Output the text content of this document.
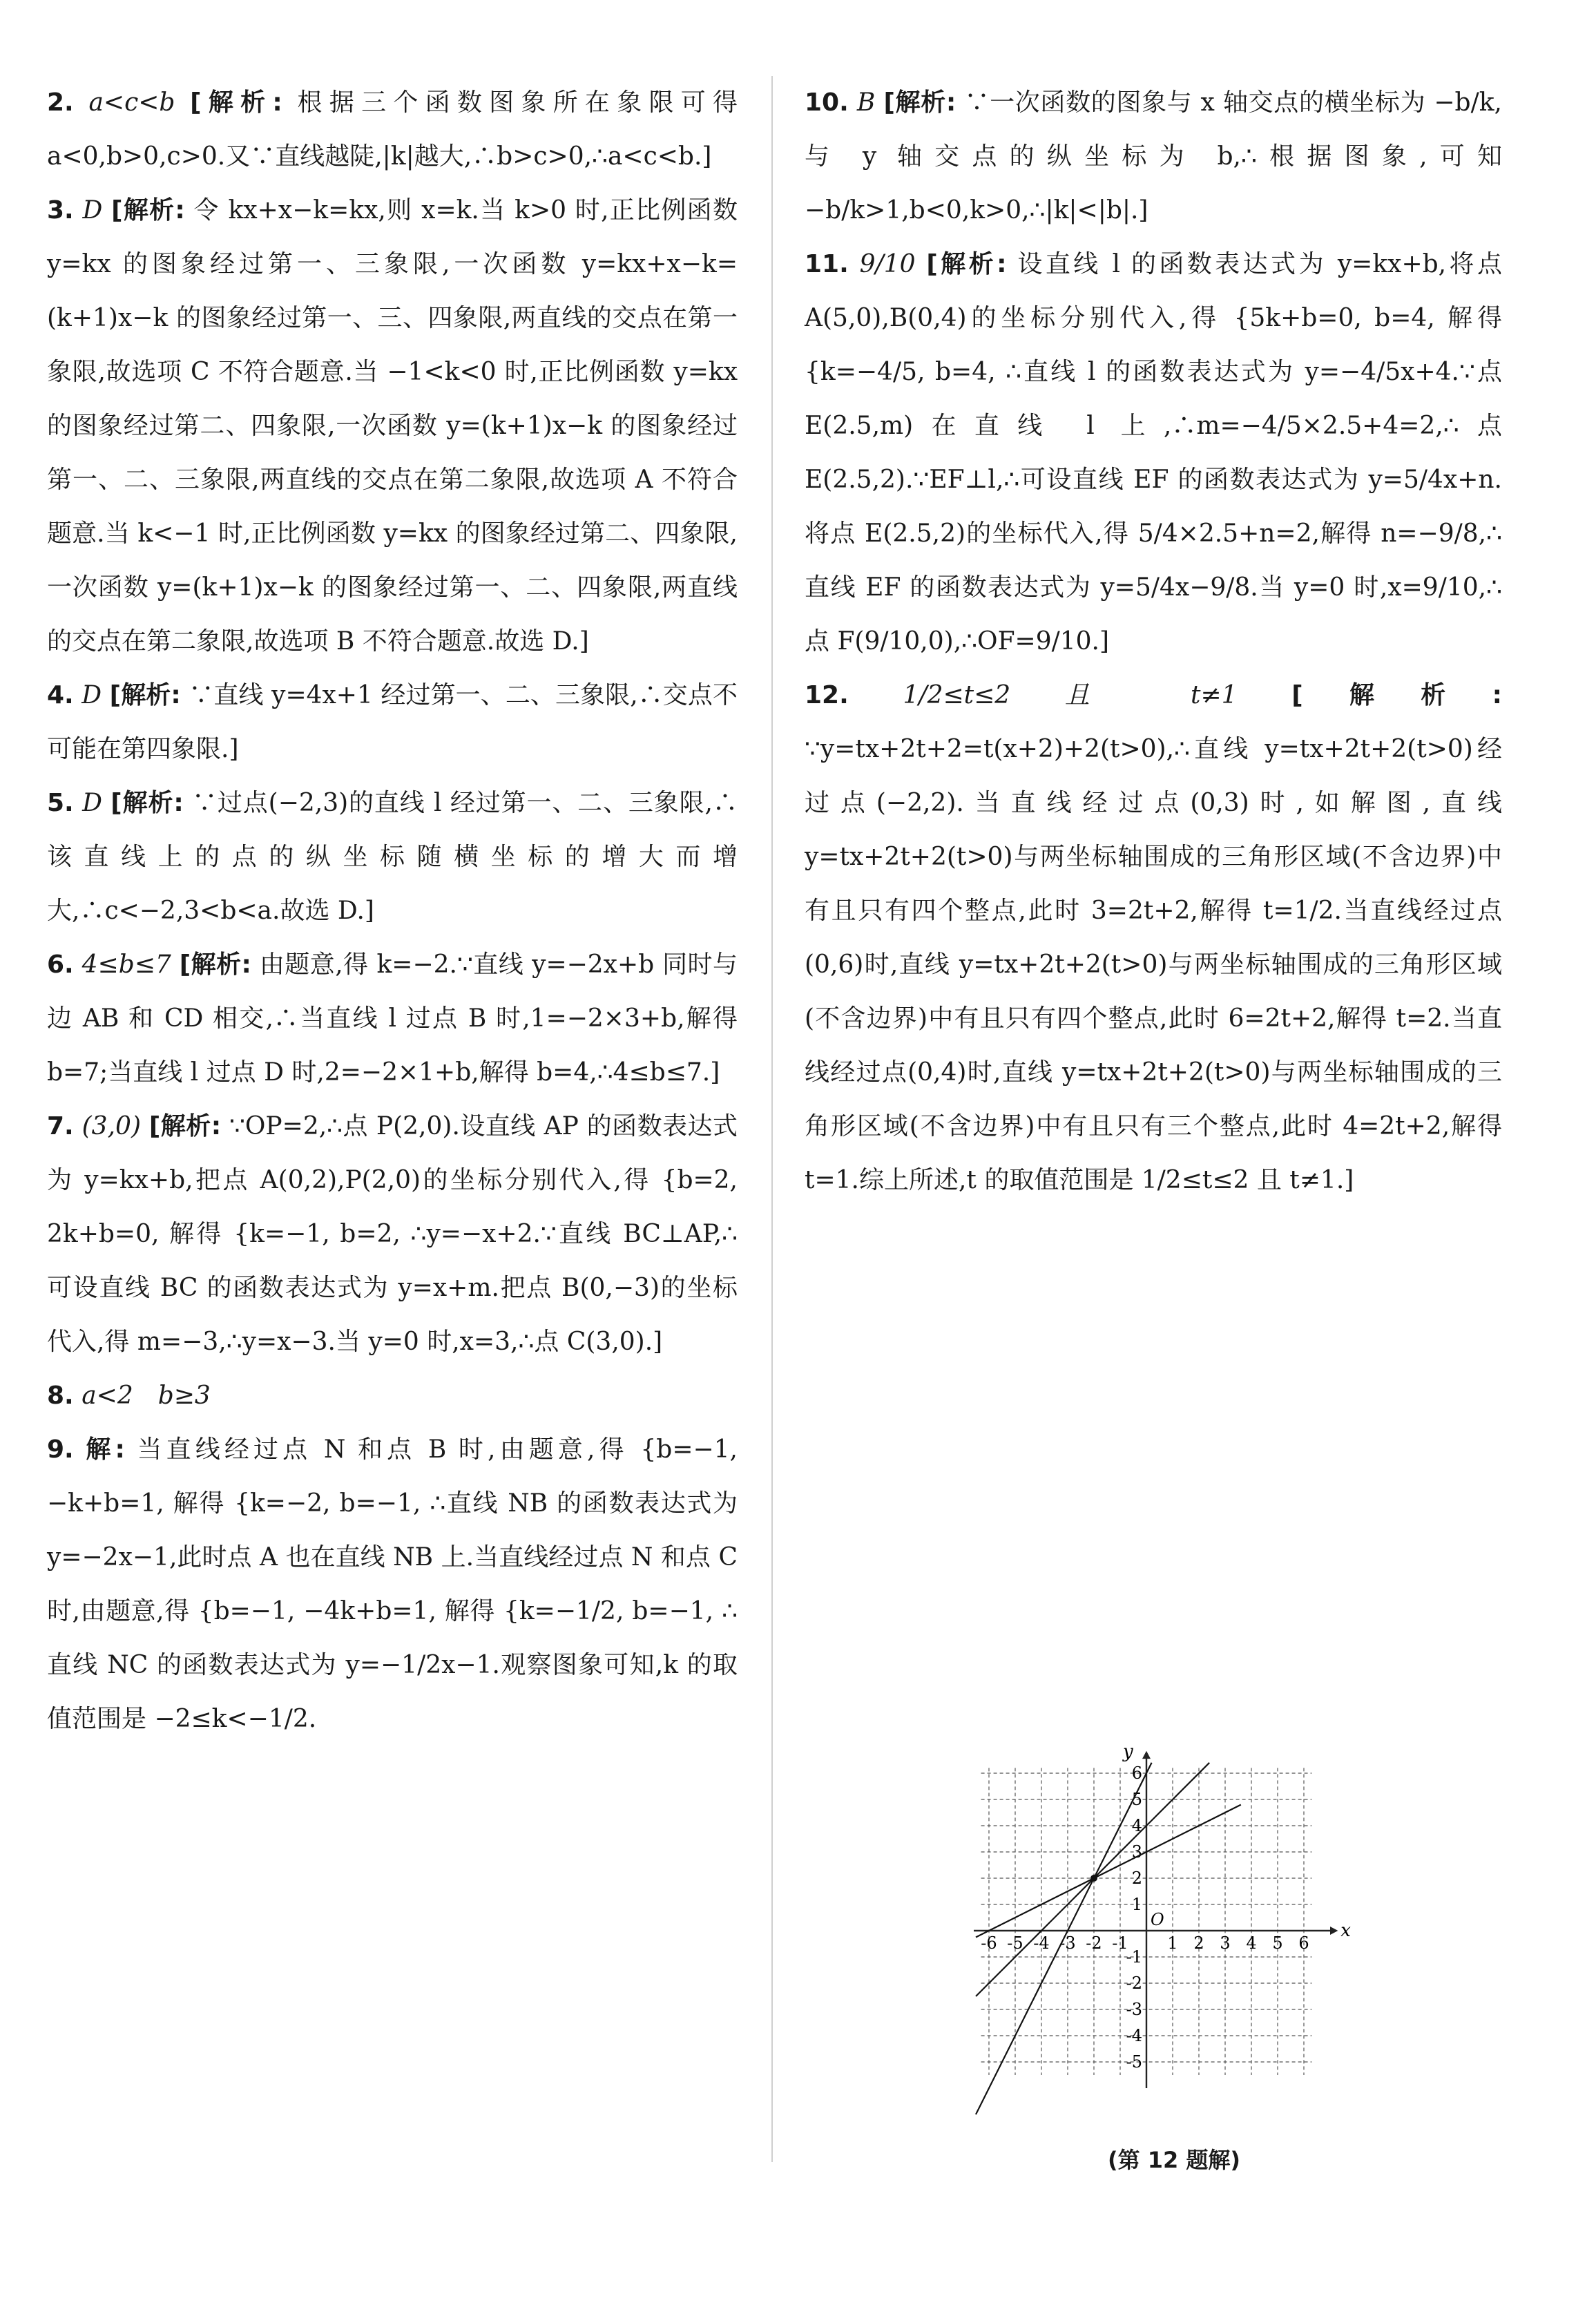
2. a<c<b [解析: 根据三个函数图象所在象限可得 a<0,b>0,c>0.又∵直线越陡,|k|越大,∴b>c>0,∴a<c<b.]

3. D [解析: 令 kx+x−k=kx,则 x=k.当 k>0 时,正比例函数 y=kx 的图象经过第一、三象限,一次函数 y=kx+x−k=(k+1)x−k 的图象经过第一、三、四象限,两直线的交点在第一象限,故选项 C 不符合题意.当 −1<k<0 时,正比例函数 y=kx 的图象经过第二、四象限,一次函数 y=(k+1)x−k 的图象经过第一、二、三象限,两直线的交点在第二象限,故选项 A 不符合题意.当 k<−1 时,正比例函数 y=kx 的图象经过第二、四象限,一次函数 y=(k+1)x−k 的图象经过第一、二、四象限,两直线的交点在第二象限,故选项 B 不符合题意.故选 D.]

4. D [解析: ∵直线 y=4x+1 经过第一、二、三象限,∴交点不可能在第四象限.]

5. D [解析: ∵过点(−2,3)的直线 l 经过第一、二、三象限,∴该直线上的点的纵坐标随横坐标的增大而增大,∴c<−2,3<b<a.故选 D.]

6. 4≤b≤7 [解析: 由题意,得 k=−2.∵直线 y=−2x+b 同时与边 AB 和 CD 相交,∴当直线 l 过点 B 时,1=−2×3+b,解得 b=7;当直线 l 过点 D 时,2=−2×1+b,解得 b=4,∴4≤b≤7.]

7. (3,0) [解析: ∵OP=2,∴点 P(2,0).设直线 AP 的函数表达式为 y=kx+b,把点 A(0,2),P(2,0)的坐标分别代入,得 {b=2, 2k+b=0, 解得 {k=−1, b=2, ∴y=−x+2.∵直线 BC⊥AP,∴可设直线 BC 的函数表达式为 y=x+m.把点 B(0,−3)的坐标代入,得 m=−3,∴y=x−3.当 y=0 时,x=3,∴点 C(3,0).]

8. a<2　b≥3

9. 解: 当直线经过点 N 和点 B 时,由题意,得 {b=−1, −k+b=1, 解得 {k=−2, b=−1, ∴直线 NB 的函数表达式为 y=−2x−1,此时点 A 也在直线 NB 上.当直线经过点 N 和点 C 时,由题意,得 {b=−1, −4k+b=1, 解得 {k=−1/2, b=−1, ∴直线 NC 的函数表达式为 y=−1/2x−1.观察图象可知,k 的取值范围是 −2≤k<−1/2.

10. B [解析: ∵一次函数的图象与 x 轴交点的横坐标为 −b/k,与 y 轴交点的纵坐标为 b,∴根据图象,可知 −b/k>1,b<0,k>0,∴|k|<|b|.]

11. 9/10 [解析: 设直线 l 的函数表达式为 y=kx+b,将点 A(5,0),B(0,4)的坐标分别代入,得 {5k+b=0, b=4, 解得 {k=−4/5, b=4, ∴直线 l 的函数表达式为 y=−4/5x+4.∵点 E(2.5,m)在直线 l 上,∴m=−4/5×2.5+4=2,∴点 E(2.5,2).∵EF⊥l,∴可设直线 EF 的函数表达式为 y=5/4x+n.将点 E(2.5,2)的坐标代入,得 5/4×2.5+n=2,解得 n=−9/8,∴直线 EF 的函数表达式为 y=5/4x−9/8.当 y=0 时,x=9/10,∴点 F(9/10,0),∴OF=9/10.]

12. 1/2≤t≤2 且 t≠1 [解析: ∵y=tx+2t+2=t(x+2)+2(t>0),∴直线 y=tx+2t+2(t>0)经过点(−2,2).当直线经过点(0,3)时,如解图,直线 y=tx+2t+2(t>0)与两坐标轴围成的三角形区域(不含边界)中有且只有四个整点,此时 3=2t+2,解得 t=1/2.当直线经过点(0,6)时,直线 y=tx+2t+2(t>0)与两坐标轴围成的三角形区域(不含边界)中有且只有四个整点,此时 6=2t+2,解得 t=2.当直线经过点(0,4)时,直线 y=tx+2t+2(t>0)与两坐标轴围成的三角形区域(不含边界)中有且只有三个整点,此时 4=2t+2,解得 t=1.综上所述,t 的取值范围是 1/2≤t≤2 且 t≠1.]

x
y
O
-6 -5 -4 -3 -2 -1 1 2 3 4 5 6
6
5
4
3
2
1
-1
-2
-3
-4
-5
(第 12 题解)
